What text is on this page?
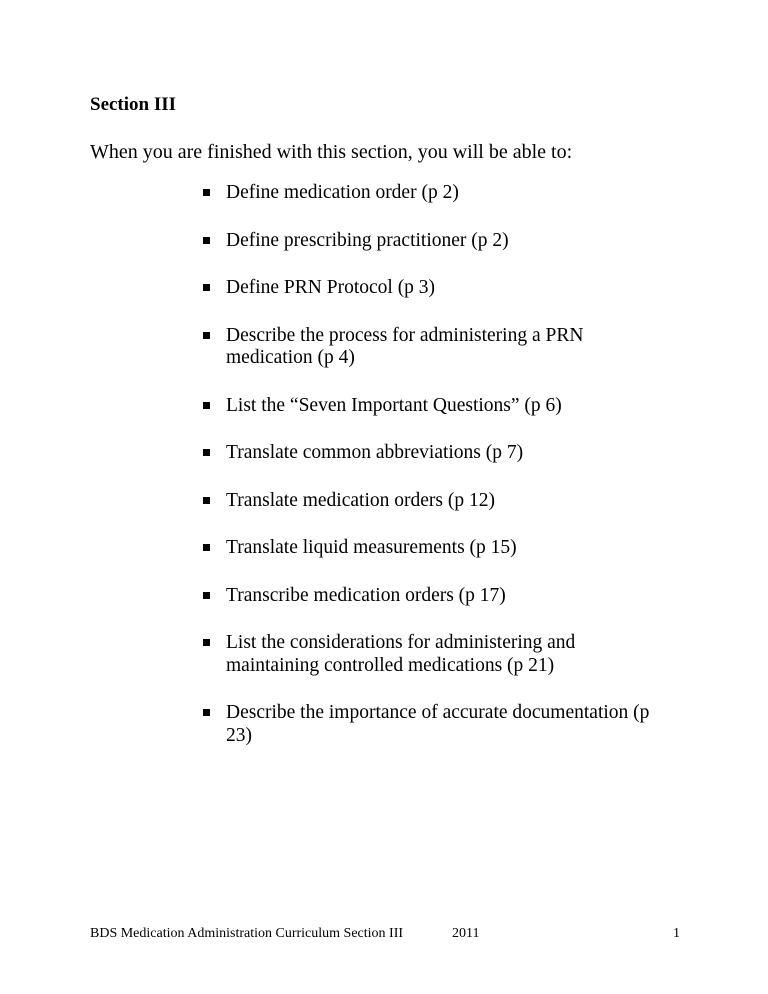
Section III
When you are finished with this section, you will be able to:
Define medication order (p 2)
Define prescribing practitioner (p 2)
Define PRN Protocol (p 3)
Describe the process for administering a PRN medication (p 4)
List the “Seven Important Questions” (p 6)
Translate common abbreviations (p 7)
Translate medication orders (p 12)
Translate liquid measurements (p 15)
Transcribe medication orders (p 17)
List the considerations for administering and maintaining controlled medications (p 21)
Describe the importance of accurate documentation (p 23)
BDS Medication Administration Curriculum Section III	2011	1
